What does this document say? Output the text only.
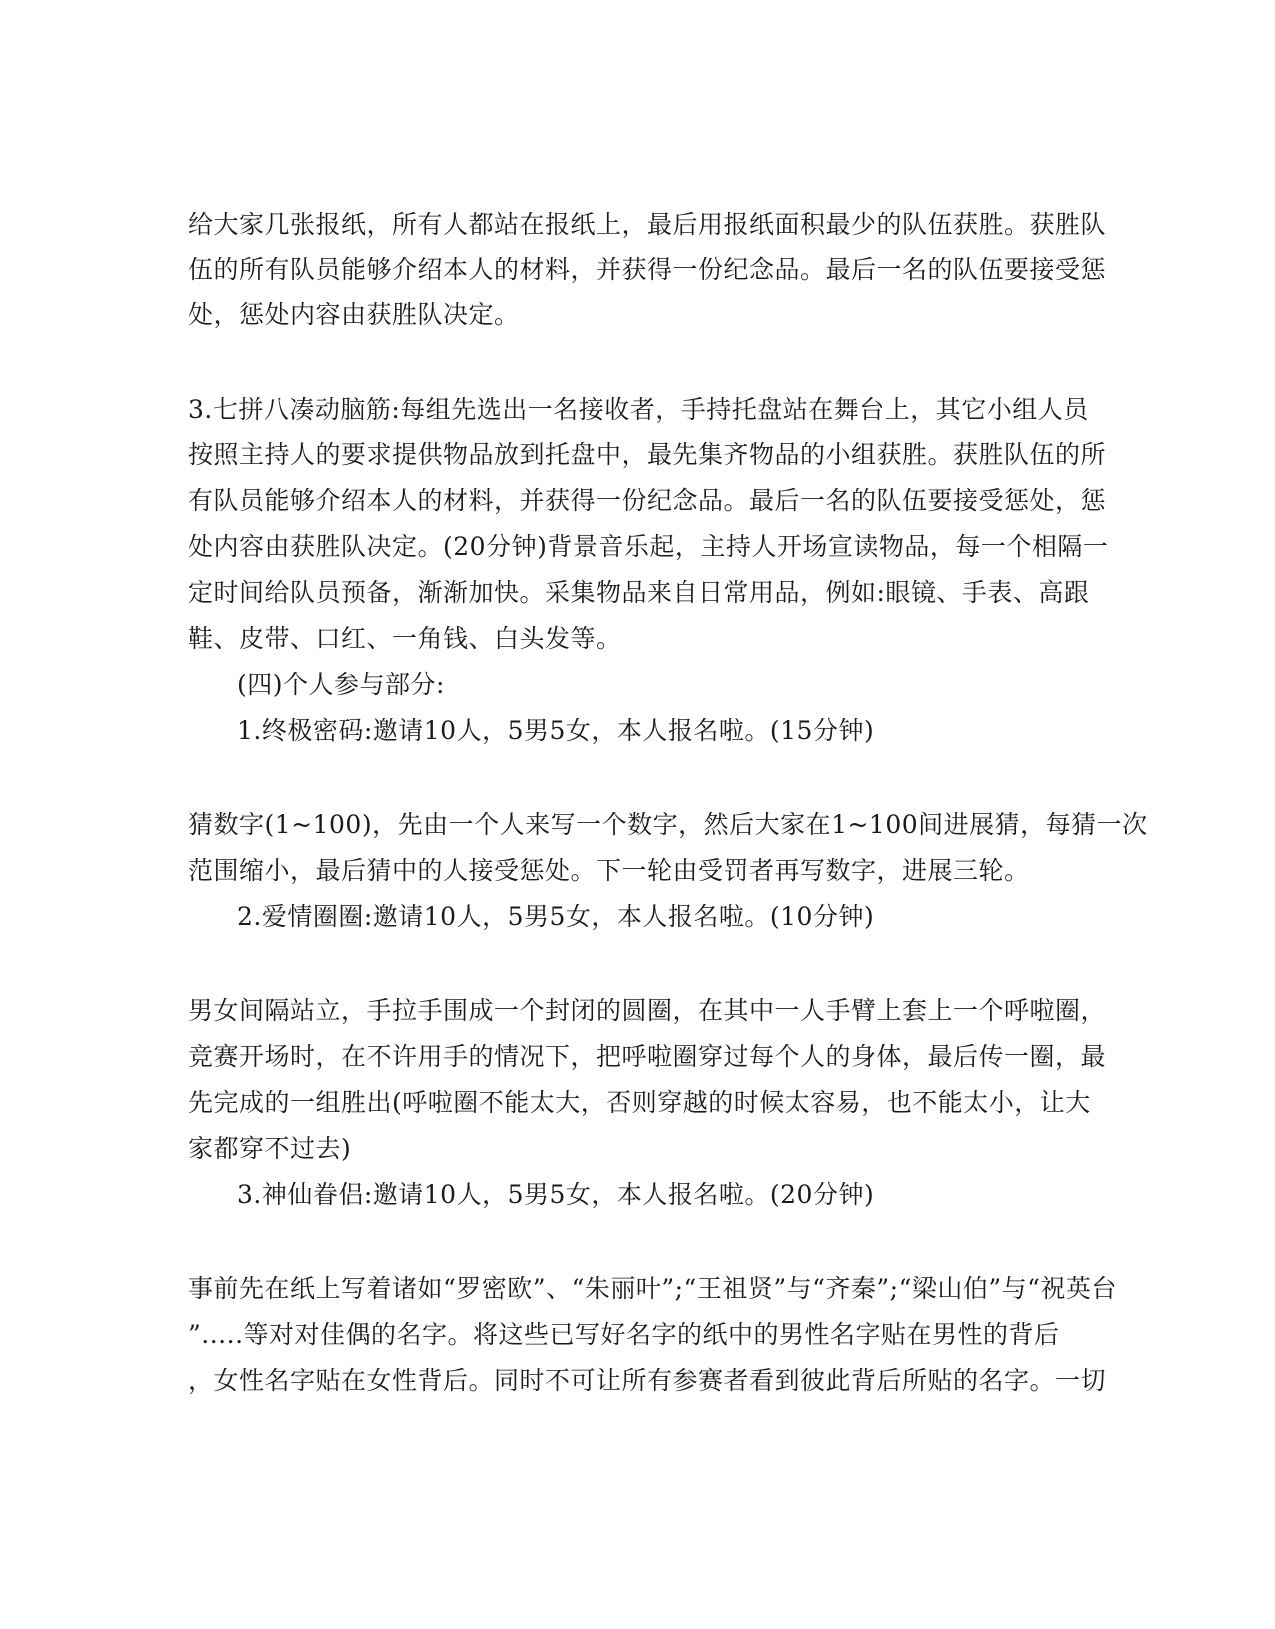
给大家几张报纸，所有人都站在报纸上，最后用报纸面积最少的队伍获胜。获胜队
伍的所有队员能够介绍本人的材料，并获得一份纪念品。最后一名的队伍要接受惩
处，惩处内容由获胜队决定。
3.七拼八凑动脑筋:每组先选出一名接收者，手持托盘站在舞台上，其它小组人员
按照主持人的要求提供物品放到托盘中，最先集齐物品的小组获胜。获胜队伍的所
有队员能够介绍本人的材料，并获得一份纪念品。最后一名的队伍要接受惩处，惩
处内容由获胜队决定。(20分钟)背景音乐起，主持人开场宣读物品，每一个相隔一
定时间给队员预备，渐渐加快。采集物品来自日常用品，例如:眼镜、手表、高跟
鞋、皮带、口红、一角钱、白头发等。
(四)个人参与部分:
1.终极密码:邀请10人，5男5女，本人报名啦。(15分钟)
猜数字(1~100)，先由一个人来写一个数字，然后大家在1~100间进展猜，每猜一次
范围缩小，最后猜中的人接受惩处。下一轮由受罚者再写数字，进展三轮。
2.爱情圈圈:邀请10人，5男5女，本人报名啦。(10分钟)
男女间隔站立，手拉手围成一个封闭的圆圈，在其中一人手臂上套上一个呼啦圈，
竞赛开场时，在不许用手的情况下，把呼啦圈穿过每个人的身体，最后传一圈，最
先完成的一组胜出(呼啦圈不能太大，否则穿越的时候太容易，也不能太小，让大
家都穿不过去)
3.神仙眷侣:邀请10人，5男5女，本人报名啦。(20分钟)
事前先在纸上写着诸如“罗密欧”、“朱丽叶”;“王祖贤”与“齐秦”;“梁山伯”与“祝英台
”.....等对对佳偶的名字。将这些已写好名字的纸中的男性名字贴在男性的背后
，女性名字贴在女性背后。同时不可让所有参赛者看到彼此背后所贴的名字。一切
